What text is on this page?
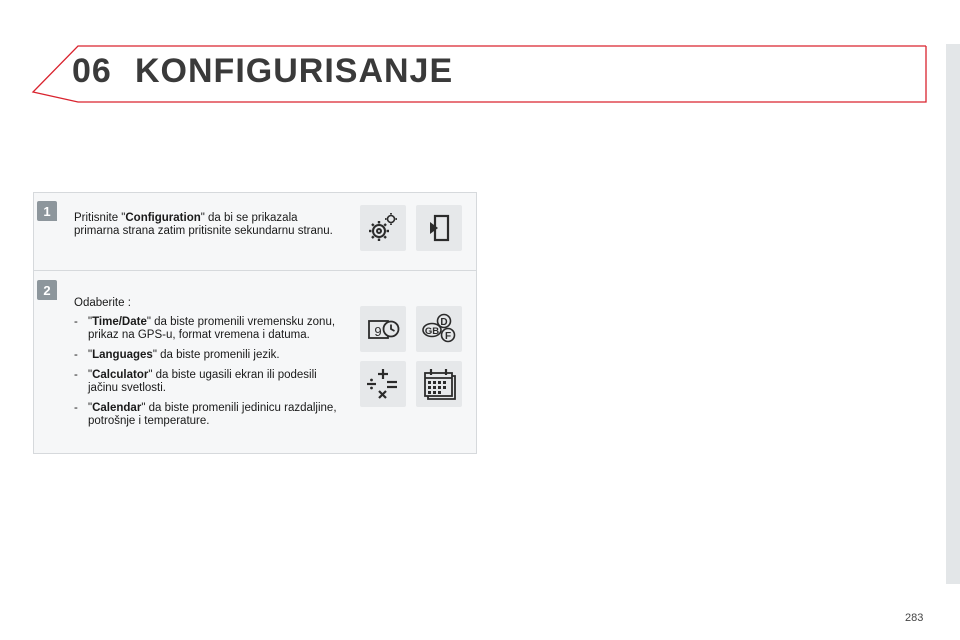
06 KONFIGURISANJE
1 Pritisnite "Configuration" da bi se prikazala primarna strana zatim pritisnite sekundarnu stranu.
2
Odaberite :
- "Time/Date" da biste promenili vremensku zonu, prikaz na GPS-u, format vremena i datuma.
- "Languages" da biste promenili jezik.
- "Calculator" da biste ugasili ekran ili podesili jačinu svetlosti.
- "Calendar" da biste promenili jedinicu razdaljine, potrošnje i temperature.
9
D
F
GB
283
